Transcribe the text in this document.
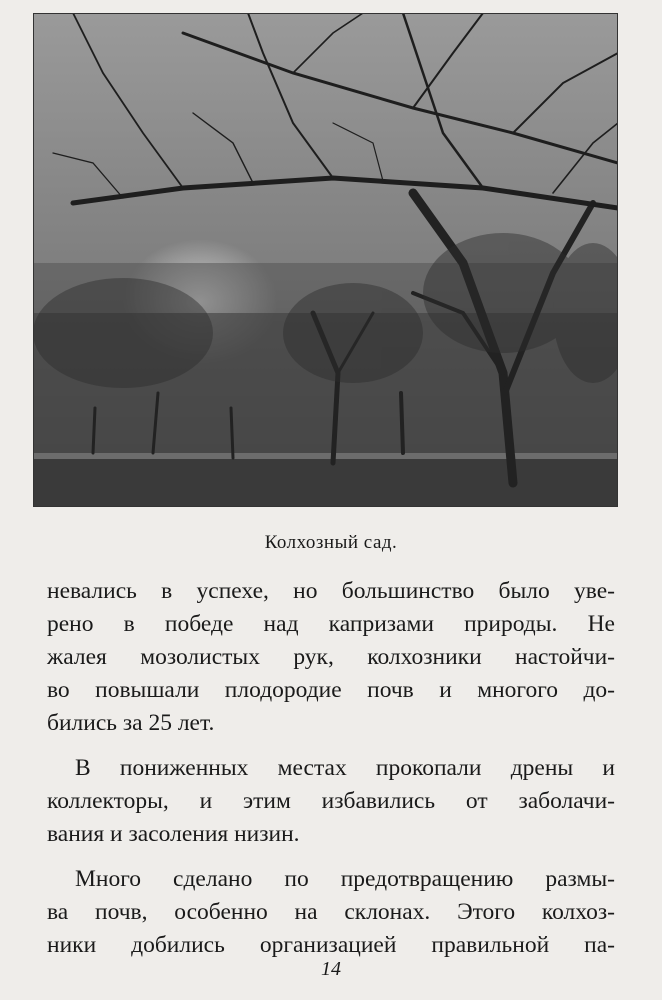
Колхозный сад.

невались в успехе, но большинство было уве-
рено в победе над капризами природы. Не
жалея мозолистых рук, колхозники настойчи-
во повышали плодородие почв и многого до-
бились за 25 лет.

В пониженных местах прокопали дрены и
коллекторы, и этим избавились от заболачи-
вания и засоления низин.

Много сделано по предотвращению размы-
ва почв, особенно на склонах. Этого колхоз-
ники добились организацией правильной па-

14
